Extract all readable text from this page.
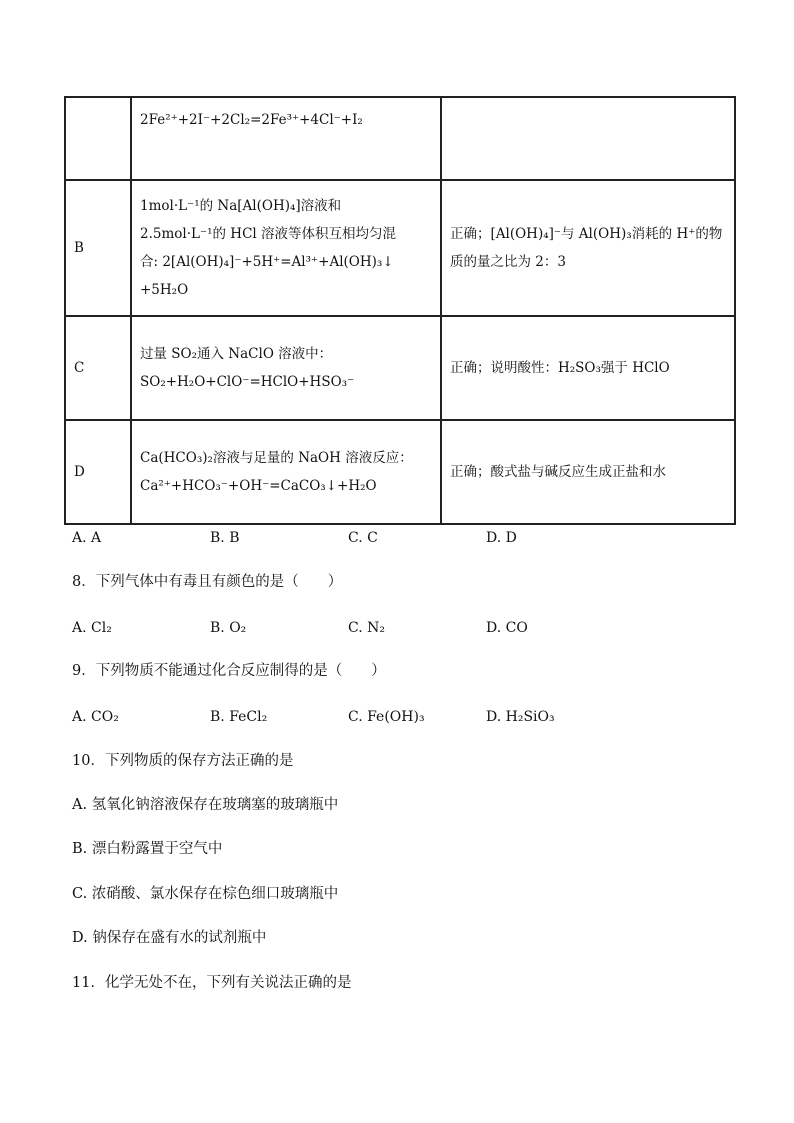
	2Fe²⁺+2I⁻+2Cl₂=2Fe³⁺+4Cl⁻+I₂	

B	1mol·L⁻¹的 Na[Al(OH)₄]溶液和
2.5mol·L⁻¹的 HCl 溶液等体积互相均匀混
合: 2[Al(OH)₄]⁻+5H⁺=Al³⁺+Al(OH)₃↓ +5H₂O	正确；[Al(OH)₄]⁻与 Al(OH)₃消耗的 H⁺的物质的量之比为 2：3
C	过量 SO₂通入 NaClO 溶液中：
SO₂+H₂O+ClO⁻=HClO+HSO₃⁻	正确；说明酸性：H₂SO₃强于 HClO
D	Ca(HCO₃)₂溶液与足量的 NaOH 溶液反应：
Ca²⁺+HCO₃⁻+OH⁻=CaCO₃↓+H₂O	正确；酸式盐与碱反应生成正盐和水
A. A	B. B	C. C	D. D
8．下列气体中有毒且有颜色的是（　　）
A. Cl₂	B. O₂	C. N₂	D. CO
9．下列物质不能通过化合反应制得的是（　　）
A. CO₂	B. FeCl₂	C. Fe(OH)₃	D. H₂SiO₃
10．下列物质的保存方法正确的是
A. 氢氧化钠溶液保存在玻璃塞的玻璃瓶中
B. 漂白粉露置于空气中
C. 浓硝酸、氯水保存在棕色细口玻璃瓶中
D. 钠保存在盛有水的试剂瓶中
11．化学无处不在，下列有关说法正确的是
